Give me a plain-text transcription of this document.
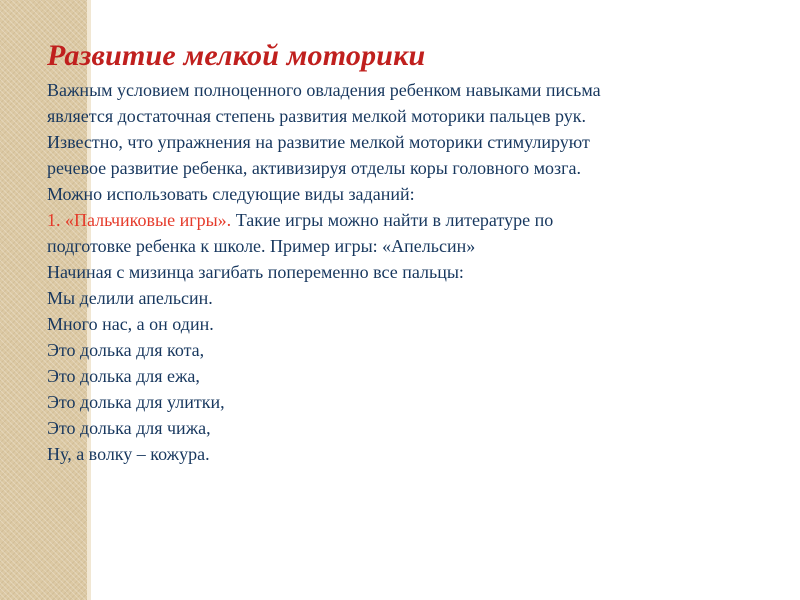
Развитие мелкой моторики
Важным условием полноценного овладения ребенком навыками письма
является достаточная степень развития мелкой моторики пальцев рук.
Известно, что упражнения на развитие мелкой моторики стимулируют
речевое развитие ребенка, активизируя отделы коры головного мозга.
Можно использовать следующие виды заданий:
1. «Пальчиковые игры». Такие игры можно найти в литературе по
подготовке ребенка к школе. Пример игры: «Апельсин»
Начиная с мизинца загибать попеременно все пальцы:
Мы делили апельсин.
Много нас, а он один.
Это долька для кота,
Это долька для ежа,
Это долька для улитки,
Это долька для чижа,
Ну, а волку – кожура.
